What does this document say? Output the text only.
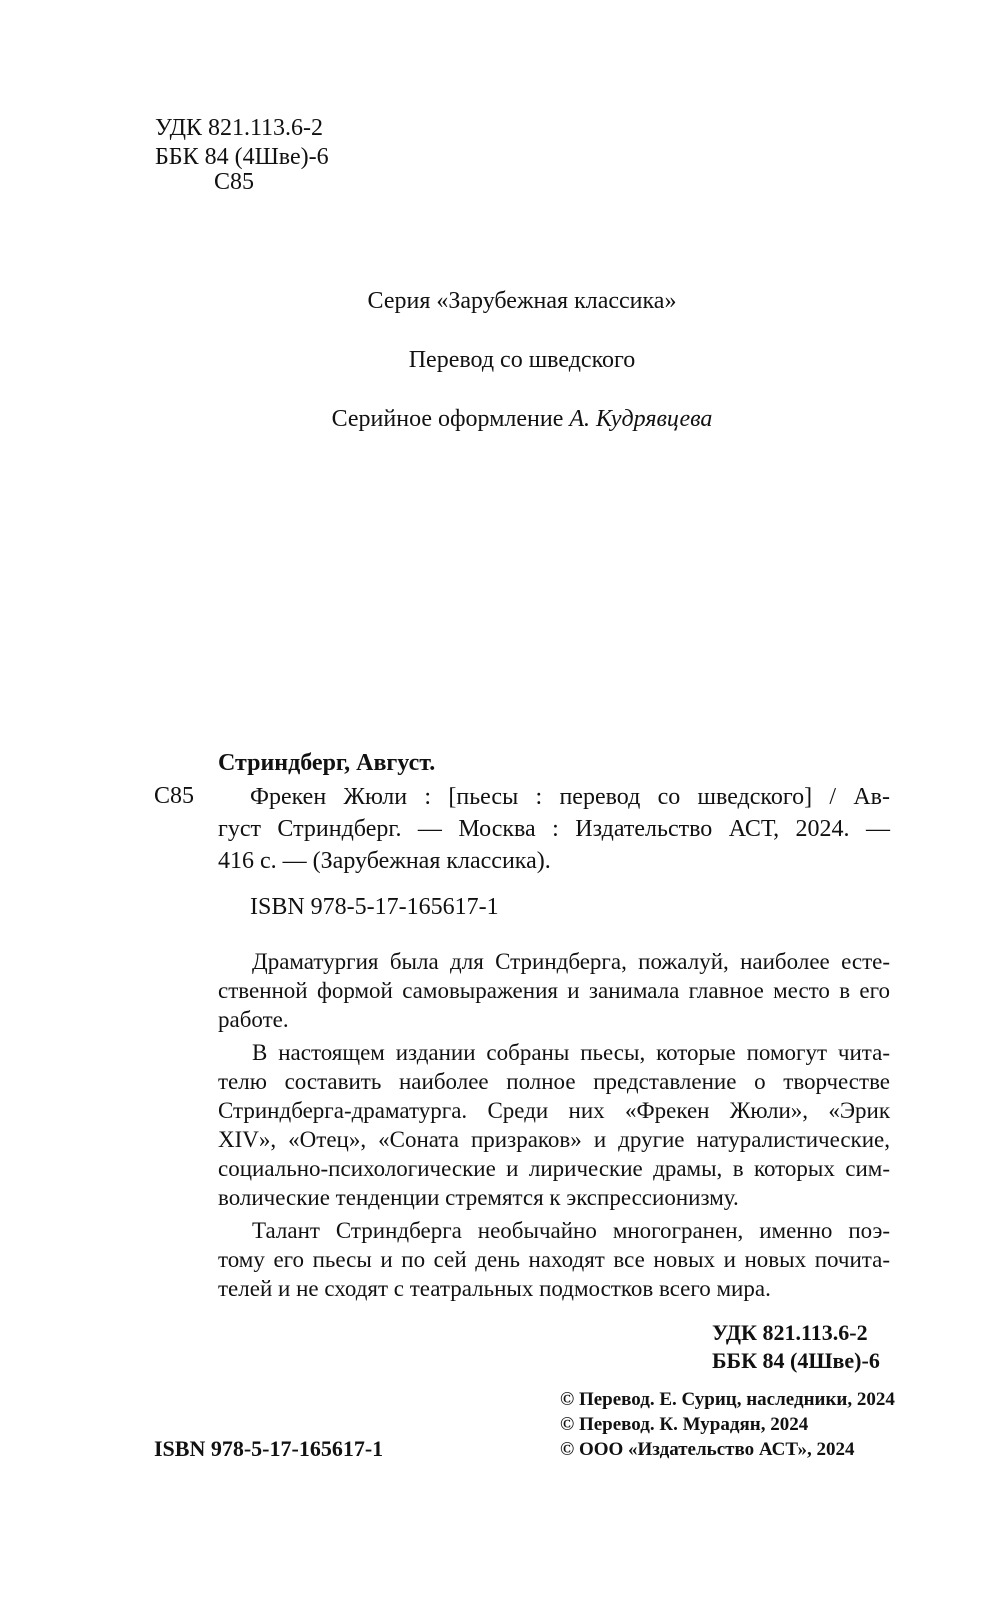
УДК 821.113.6-2
ББК 84 (4Шве)-6
С85
Серия «Зарубежная классика»
Перевод со шведского
Серийное оформление А. Кудрявцева
Стриндберг, Август.
С85	Фрекен Жюли : [пьесы : перевод со шведского] / Ав-
густ Стриндберг. — Москва : Издательство АСТ, 2024. —
416 с. — (Зарубежная классика).
ISBN 978-5-17-165617-1
Драматургия была для Стриндберга, пожалуй, наиболее есте-
ственной формой самовыражения и занимала главное место в его
работе.
В настоящем издании собраны пьесы, которые помогут чита-
телю составить наиболее полное представление о творчестве
Стриндберга-драматурга. Среди них «Фрекен Жюли», «Эрик
XIV», «Отец», «Соната призраков» и другие натуралистические,
социально-психологические и лирические драмы, в которых сим-
волические тенденции стремятся к экспрессионизму.
Талант Стриндберга необычайно многогранен, именно поэ-
тому его пьесы и по сей день находят все новых и новых почита-
телей и не сходят с театральных подмостков всего мира.
УДК 821.113.6-2
ББК 84 (4Шве)-6
© Перевод. Е. Суриц, наследники, 2024
© Перевод. К. Мурадян, 2024
© ООО «Издательство АСТ», 2024
ISBN 978-5-17-165617-1
